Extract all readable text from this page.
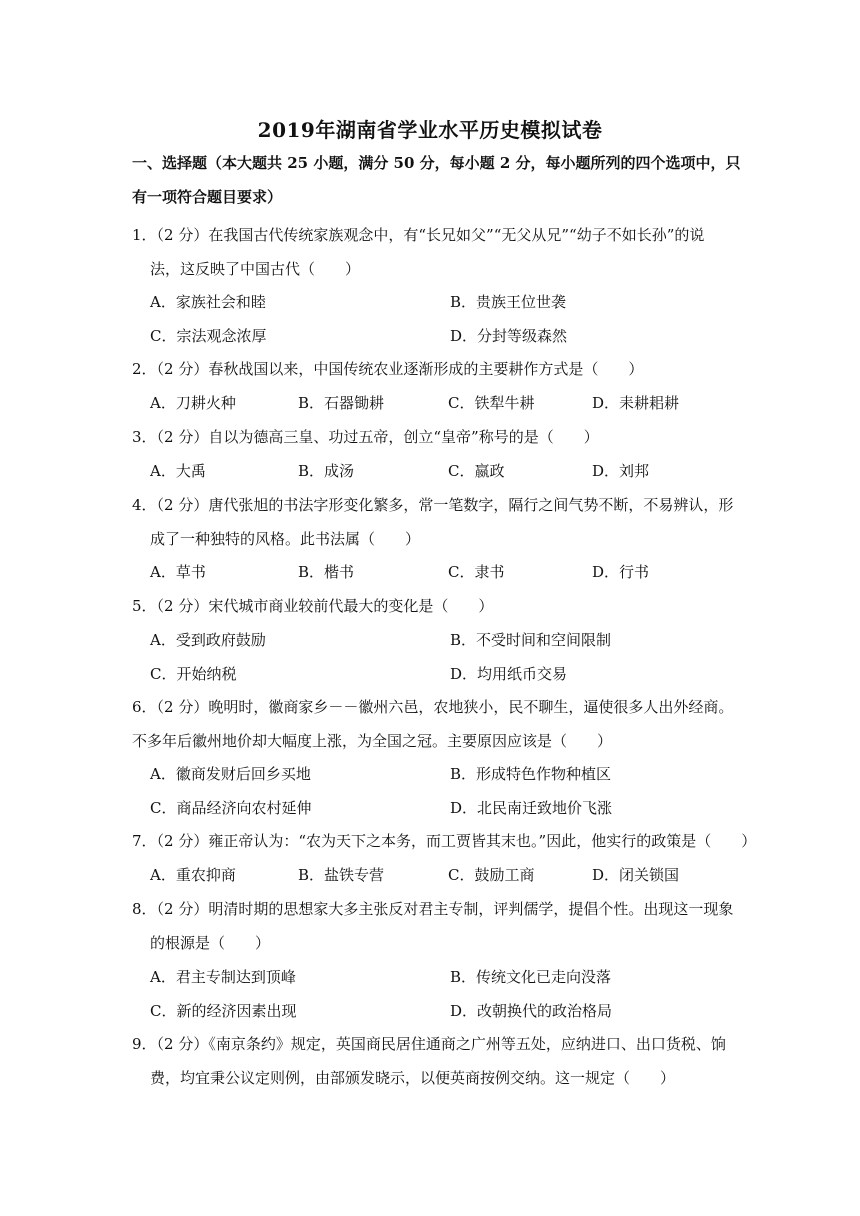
2019年湖南省学业水平历史模拟试卷
一、选择题（本大题共 25 小题，满分 50 分，每小题 2 分，每小题所列的四个选项中，只
有一项符合题目要求）
1．（2 分）在我国古代传统家族观念中，有“长兄如父”“无父从兄”“幼子不如长孙”的说
法，这反映了中国古代（　　）
A．家族社会和睦	B．贵族王位世袭
C．宗法观念浓厚	D．分封等级森然
2．（2 分）春秋战国以来，中国传统农业逐渐形成的主要耕作方式是（　　）
A．刀耕火种	B．石器锄耕	C．铁犁牛耕	D．耒耕耜耕
3．（2 分）自以为德高三皇、功过五帝，创立“皇帝”称号的是（　　）
A．大禹	B．成汤	C．嬴政	D．刘邦
4．（2 分）唐代张旭的书法字形变化繁多，常一笔数字，隔行之间气势不断，不易辨认，形
成了一种独特的风格。此书法属（　　）
A．草书	B．楷书	C．隶书	D．行书
5．（2 分）宋代城市商业较前代最大的变化是（　　）
A．受到政府鼓励	B．不受时间和空间限制
C．开始纳税	D．均用纸币交易
6．（2 分）晚明时，徽商家乡－－徽州六邑，农地狭小，民不聊生，逼使很多人出外经商。
不多年后徽州地价却大幅度上涨，为全国之冠。主要原因应该是（　　）
A．徽商发财后回乡买地	B．形成特色作物种植区
C．商品经济向农村延伸	D．北民南迁致地价飞涨
7．（2 分）雍正帝认为：“农为天下之本务，而工贾皆其末也。”因此，他实行的政策是（　　）
A．重农抑商	B．盐铁专营	C．鼓励工商	D．闭关锁国
8．（2 分）明清时期的思想家大多主张反对君主专制，评判儒学，提倡个性。出现这一现象
的根源是（　　）
A．君主专制达到顶峰	B．传统文化已走向没落
C．新的经济因素出现	D．改朝换代的政治格局
9．（2 分）《南京条约》规定，英国商民居住通商之广州等五处，应纳进口、出口货税、饷
费，均宜秉公议定则例，由部颁发晓示，以便英商按例交纳。这一规定（　　）
